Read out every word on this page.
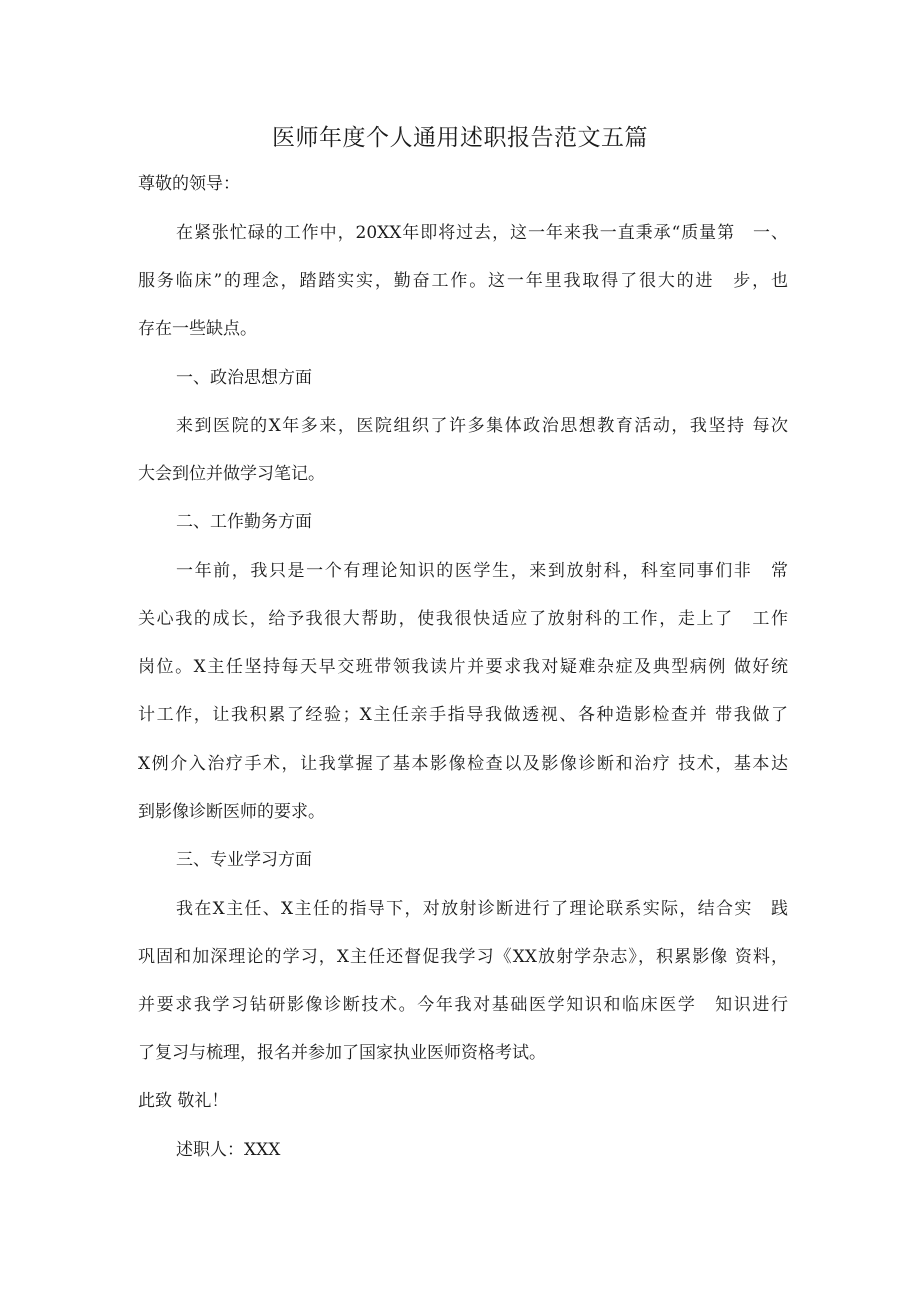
医师年度个人通用述职报告范文五篇
尊敬的领导：
在紧张忙碌的工作中，20XX年即将过去，这一年来我一直秉承“质量第　一、
服务临床”的理念，踏踏实实，勤奋工作。这一年里我取得了很大的进　步，也
存在一些缺点。
一、政治思想方面
来到医院的X年多来，医院组织了许多集体政治思想教育活动，我坚持 每次
大会到位并做学习笔记。
二、工作勤务方面
一年前，我只是一个有理论知识的医学生，来到放射科，科室同事们非　常
关心我的成长，给予我很大帮助，使我很快适应了放射科的工作，走上了　工作
岗位。X主任坚持每天早交班带领我读片并要求我对疑难杂症及典型病例 做好统
计工作，让我积累了经验；X主任亲手指导我做透视、各种造影检查并 带我做了
X例介入治疗手术，让我掌握了基本影像检查以及影像诊断和治疗 技术，基本达
到影像诊断医师的要求。
三、专业学习方面
我在X主任、X主任的指导下，对放射诊断进行了理论联系实际，结合实　践
巩固和加深理论的学习，X主任还督促我学习《XX放射学杂志》，积累影像 资料，
并要求我学习钻研影像诊断技术。今年我对基础医学知识和临床医学　知识进行
了复习与梳理，报名并参加了国家执业医师资格考试。
此致 敬礼！
述职人：XXX
